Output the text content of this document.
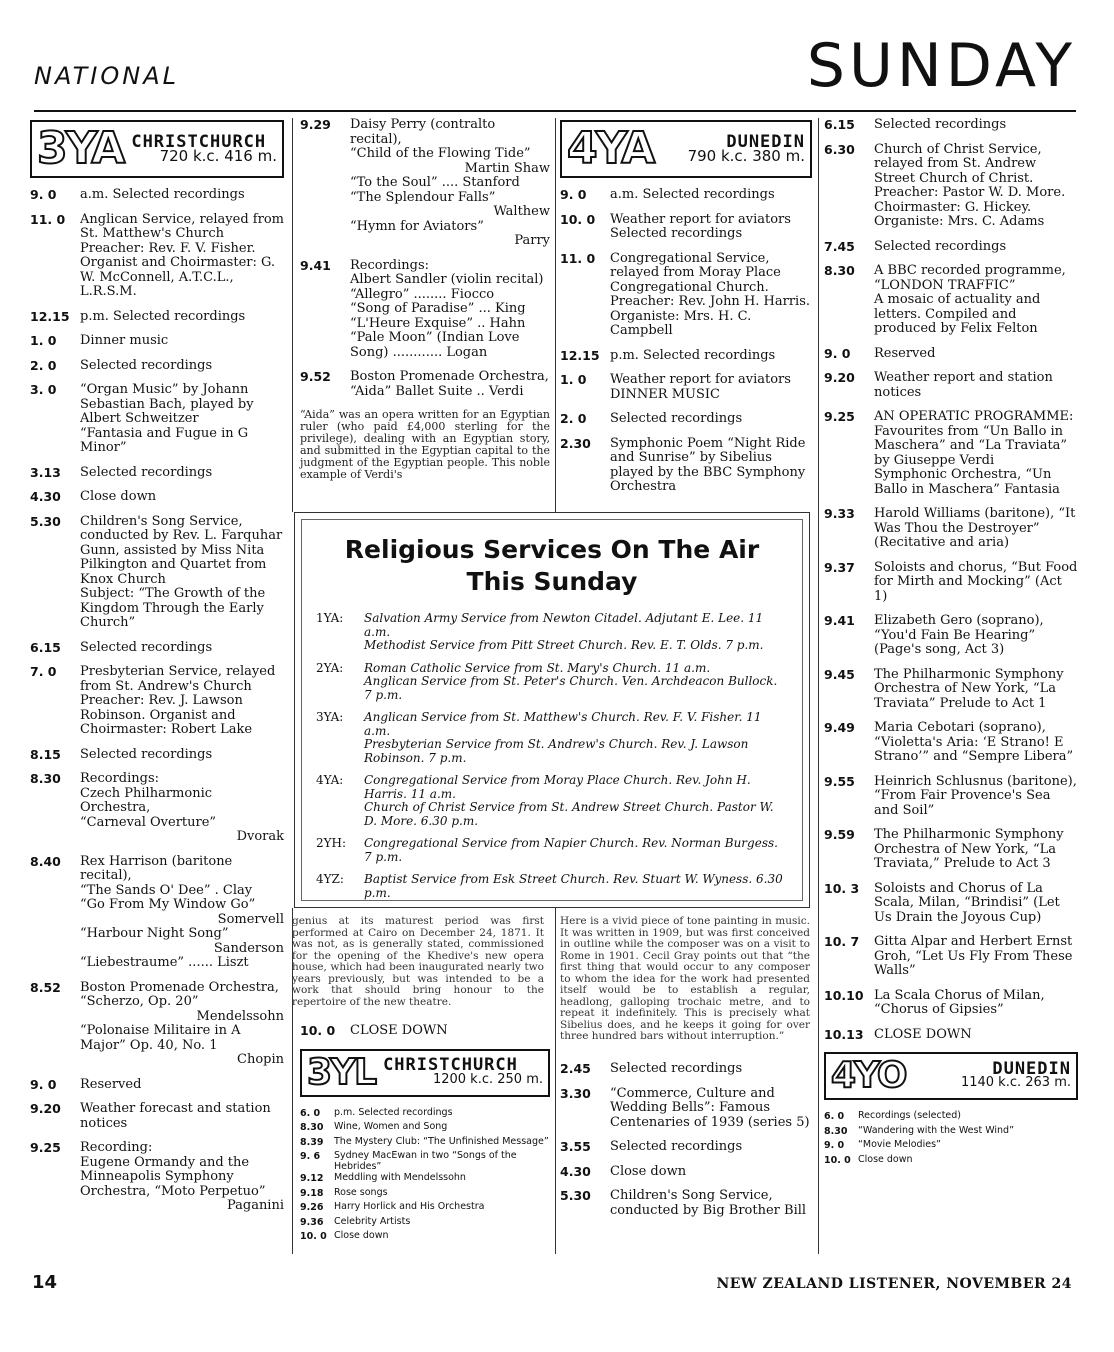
NATIONAL	SUNDAY
3YA CHRISTCHURCH
720 k.c. 416 m.
9. 0	a.m. Selected recordings
11. 0	Anglican Service, relayed from St. Matthew's Church Preacher: Rev. F. V. Fisher. Organist and Choirmaster: G. W. McConnell, A.T.C.L., L.R.S.M.
12.15 p.m. Selected recordings
1. 0	Dinner music
2. 0	Selected recordings
3. 0	“Organ Music” by Johann Sebastian Bach, played by Albert Schweitzer
“Fantasia and Fugue in G Minor”
3.13	Selected recordings
4.30	Close down
5.30	Children's Song Service, conducted by Rev. L. Farquhar Gunn, assisted by Miss Nita Pilkington and Quartet from Knox Church
Subject: “The Growth of the Kingdom Through the Early Church”
6.15	Selected recordings
7. 0	Presbyterian Service, relayed from St. Andrew's Church Preacher: Rev. J. Lawson Robinson. Organist and Choirmaster: Robert Lake
8.15	Selected recordings
8.30	Recordings:
Czech Philharmonic Orchestra,
“Carneval Overture”
Dvorak
8.40	Rex Harrison (baritone recital),
“The Sands O' Dee” . Clay
“Go From My Window Go”
Somervell
“Harbour Night Song”
Sanderson
“Liebestraume” ...... Liszt
8.52	Boston Promenade Orchestra, “Scherzo, Op. 20”
Mendelssohn
“Polonaise Militaire in A Major” Op. 40, No. 1
Chopin
9. 0	Reserved
9.20	Weather forecast and station notices
9.25	Recording:
Eugene Ormandy and the Minneapolis Symphony Orchestra, “Moto Perpetuo”
Paganini
9.29	Daisy Perry (contralto recital),
“Child of the Flowing Tide”
Martin Shaw
“To the Soul” .... Stanford
“The Splendour Falls”
Walthew
“Hymn for Aviators”
Parry
9.41	Recordings:
Albert Sandler (violin recital)
“Allegro” ........ Fiocco
“Song of Paradise” ... King
“L'Heure Exquise” .. Hahn
“Pale Moon” (Indian Love Song) ............ Logan
9.52	Boston Promenade Orchestra, “Aida” Ballet Suite .. Verdi
“Aida” was an opera written for an Egyptian ruler (who paid £4,000 sterling for the privilege), dealing with an Egyptian story, and submitted in the Egyptian capital to the judgment of the Egyptian people. This noble example of Verdi's
4YA	DUNEDIN
790 k.c. 380 m.
9. 0	a.m. Selected recordings
10. 0	Weather report for aviators
Selected recordings
11. 0	Congregational Service, relayed from Moray Place Congregational Church. Preacher: Rev. John H. Harris. Organiste: Mrs. H. C. Campbell
12.15 p.m. Selected recordings
1. 0	Weather report for aviators
DINNER MUSIC
2. 0	Selected recordings
2.30	Symphonic Poem “Night Ride and Sunrise” by Sibelius played by the BBC Symphony Orchestra
Religious Services On The Air
This Sunday
1YA:	Salvation Army Service from Newton Citadel. Adjutant E. Lee. 11 a.m.
Methodist Service from Pitt Street Church. Rev. E. T. Olds. 7 p.m.
2YA:	Roman Catholic Service from St. Mary's Church. 11 a.m.
Anglican Service from St. Peter's Church. Ven. Archdeacon Bullock. 7 p.m.
3YA:	Anglican Service from St. Matthew's Church. Rev. F. V. Fisher. 11 a.m.
Presbyterian Service from St. Andrew's Church. Rev. J. Lawson Robinson. 7 p.m.
4YA:	Congregational Service from Moray Place Church. Rev. John H. Harris. 11 a.m.
Church of Christ Service from St. Andrew Street Church. Pastor W. D. More. 6.30 p.m.
2YH:	Congregational Service from Napier Church. Rev. Norman Burgess. 7 p.m.
4YZ:	Baptist Service from Esk Street Church. Rev. Stuart W. Wyness. 6.30 p.m.
genius at its maturest period was first performed at Cairo on December 24, 1871. It was not, as is generally stated, commissioned for the opening of the Khedive's new opera house, which had been inaugurated nearly two years previously, but was intended to be a work that should bring honour to the repertoire of the new theatre.
Here is a vivid piece of tone painting in music. It was written in 1909, but was first conceived in outline while the composer was on a visit to Rome in 1901. Cecil Gray points out that “the first thing that would occur to any composer to whom the idea for the work had presented itself would be to establish a regular, headlong, galloping trochaic metre, and to repeat it indefinitely. This is precisely what Sibelius does, and he keeps it going for over three hundred bars without interruption.”
10. 0	CLOSE DOWN
3YL CHRISTCHURCH
1200 k.c. 250 m.
6. 0	p.m. Selected recordings
8.30	Wine, Women and Song
8.39	The Mystery Club: “The Unfinished Message”
9. 6	Sydney MacEwan in two “Songs of the Hebrides”
9.12	Meddling with Mendelssohn
9.18	Rose songs
9.26	Harry Horlick and His Orchestra
9.36	Celebrity Artists
10. 0 Close down
2.45	Selected recordings
3.30	“Commerce, Culture and Wedding Bells”: Famous Centenaries of 1939 (series 5)
3.55	Selected recordings
4.30	Close down
5.30	Children's Song Service, conducted by Big Brother Bill
6.15	Selected recordings
6.30	Church of Christ Service, relayed from St. Andrew Street Church of Christ. Preacher: Pastor W. D. More. Choirmaster: G. Hickey. Organiste: Mrs. C. Adams
7.45	Selected recordings
8.30	A BBC recorded programme, “LONDON TRAFFIC”
A mosaic of actuality and letters. Compiled and produced by Felix Felton
9. 0	Reserved
9.20	Weather report and station notices
9.25	AN OPERATIC PROGRAMME:
Favourites from “Un Ballo in Maschera” and “La Traviata” by Giuseppe Verdi
Symphonic Orchestra, “Un Ballo in Maschera” Fantasia
9.33	Harold Williams (baritone), “It Was Thou the Destroyer” (Recitative and aria)
9.37	Soloists and chorus, “But Food for Mirth and Mocking” (Act 1)
9.41	Elizabeth Gero (soprano), “You'd Fain Be Hearing” (Page's song, Act 3)
9.45	The Philharmonic Symphony Orchestra of New York, “La Traviata” Prelude to Act 1
9.49	Maria Cebotari (soprano), “Violetta's Aria: ‘E Strano! E Strano’” and “Sempre Libera”
9.55	Heinrich Schlusnus (baritone), “From Fair Provence's Sea and Soil”
9.59	The Philharmonic Symphony Orchestra of New York, “La Traviata,” Prelude to Act 3
10. 3	Soloists and Chorus of La Scala, Milan, “Brindisi” (Let Us Drain the Joyous Cup)
10. 7	Gitta Alpar and Herbert Ernst Groh, “Let Us Fly From These Walls”
10.10 La Scala Chorus of Milan, “Chorus of Gipsies”
10.13 CLOSE DOWN
4YO	DUNEDIN
1140 k.c. 263 m.
6. 0	Recordings (selected)
8.30	“Wandering with the West Wind”
9. 0	“Movie Melodies”
10. 0 Close down
14	NEW ZEALAND LISTENER, NOVEMBER 24
